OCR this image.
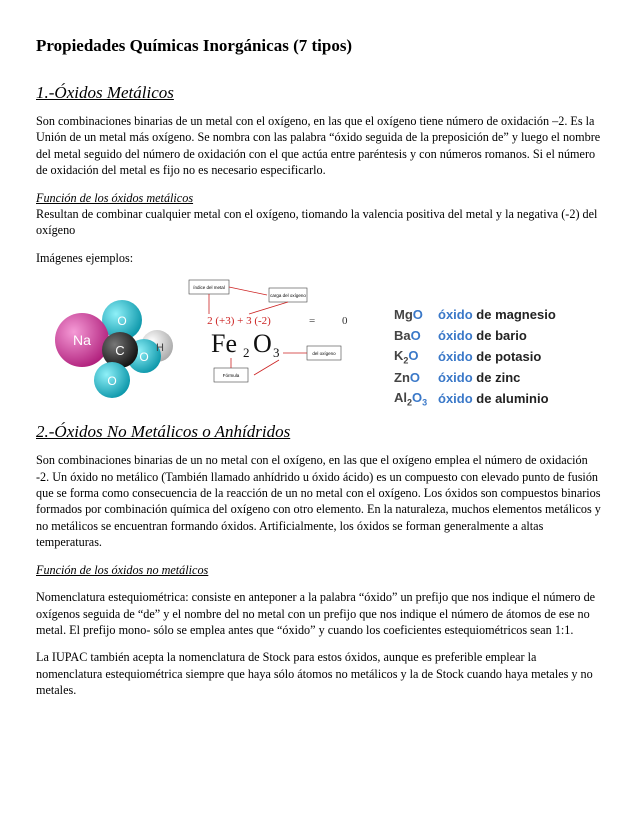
Propiedades Químicas Inorgánicas (7 tipos)
1.-Óxidos Metálicos

Son combinaciones binarias de un metal con el oxígeno, en las que el oxígeno tiene número de oxidación –2. Es la Unión de un metal más oxígeno. Se nombra con las palabra “óxido seguida de la preposición de” y luego el nombre del metal seguido del número de oxidación con el que actúa entre paréntesis y con números romanos. Si el número de oxidación del metal es fijo no es necesario especificarlo.

Función de los óxidos metálicos

Resultan de combinar cualquier metal con el oxígeno, tiomando la valencia positiva del metal y la negativa (-2) del oxígeno

Imágenes ejemplos:

Na
O
C O
H
O
índice del metal
carga del oxígeno
2 (+3) + 3 (-2)	= 0
Fe 2 O 3
Fórmula
del oxígeno
MgO	óxido de magnesio
BaO	óxido de bario
$K_2O$	óxido de potasio
ZnO	óxido de zinc
$Al_2O_3$ óxido de aluminio
2.-Óxidos No Metálicos o Anhídridos

Son combinaciones binarias de un no metal con el oxígeno, en las que el oxígeno emplea el número de oxidación -2. Un óxido no metálico (También llamado anhídrido u óxido ácido) es un compuesto con elevado punto de fusión que se forma como consecuencia de la reacción de un no metal con el oxígeno. Los óxidos son compuestos binarios formados por combinación química del oxígeno con otro elemento. En la naturaleza, muchos elementos metálicos y no metálicos se encuentran formando óxidos. Artificialmente, los óxidos se forman generalmente a altas temperaturas.

Función de los óxidos no metálicos

Nomenclatura estequiométrica: consiste en anteponer a la palabra “óxido” un prefijo que nos indique el número de oxígenos seguida de “de” y el nombre del no metal con un prefijo que nos indique el número de átomos de ese no metal. El prefijo mono- sólo se emplea antes que “óxido” y cuando los coeficientes estequiométricos sean 1:1.

La IUPAC también acepta la nomenclatura de Stock para estos óxidos, aunque es preferible emplear la nomenclatura estequiométrica siempre que haya sólo átomos no metálicos y la de Stock cuando haya metales y no metales.
